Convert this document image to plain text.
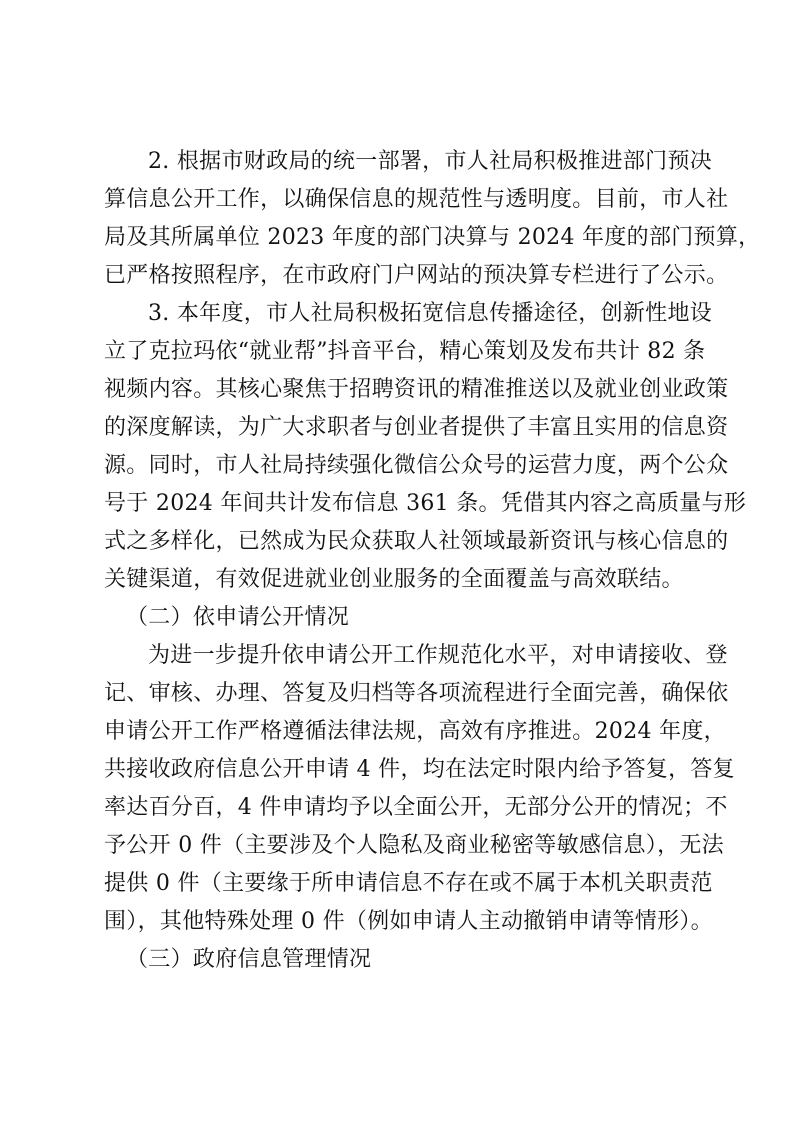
2. 根据市财政局的统一部署，市人社局积极推进部门预决
算信息公开工作，以确保信息的规范性与透明度。目前，市人社
局及其所属单位 2023 年度的部门决算与 2024 年度的部门预算，
已严格按照程序，在市政府门户网站的预决算专栏进行了公示。
3. 本年度，市人社局积极拓宽信息传播途径，创新性地设
立了克拉玛依“就业帮”抖音平台，精心策划及发布共计 82 条
视频内容。其核心聚焦于招聘资讯的精准推送以及就业创业政策
的深度解读，为广大求职者与创业者提供了丰富且实用的信息资
源。同时，市人社局持续强化微信公众号的运营力度，两个公众
号于 2024 年间共计发布信息 361 条。凭借其内容之高质量与形
式之多样化，已然成为民众获取人社领域最新资讯与核心信息的
关键渠道，有效促进就业创业服务的全面覆盖与高效联结。
（二）依申请公开情况
为进一步提升依申请公开工作规范化水平，对申请接收、登
记、审核、办理、答复及归档等各项流程进行全面完善，确保依
申请公开工作严格遵循法律法规，高效有序推进。2024 年度，
共接收政府信息公开申请 4 件，均在法定时限内给予答复，答复
率达百分百，4 件申请均予以全面公开，无部分公开的情况；不
予公开 0 件（主要涉及个人隐私及商业秘密等敏感信息），无法
提供 0 件（主要缘于所申请信息不存在或不属于本机关职责范
围），其他特殊处理 0 件（例如申请人主动撤销申请等情形）。
（三）政府信息管理情况
